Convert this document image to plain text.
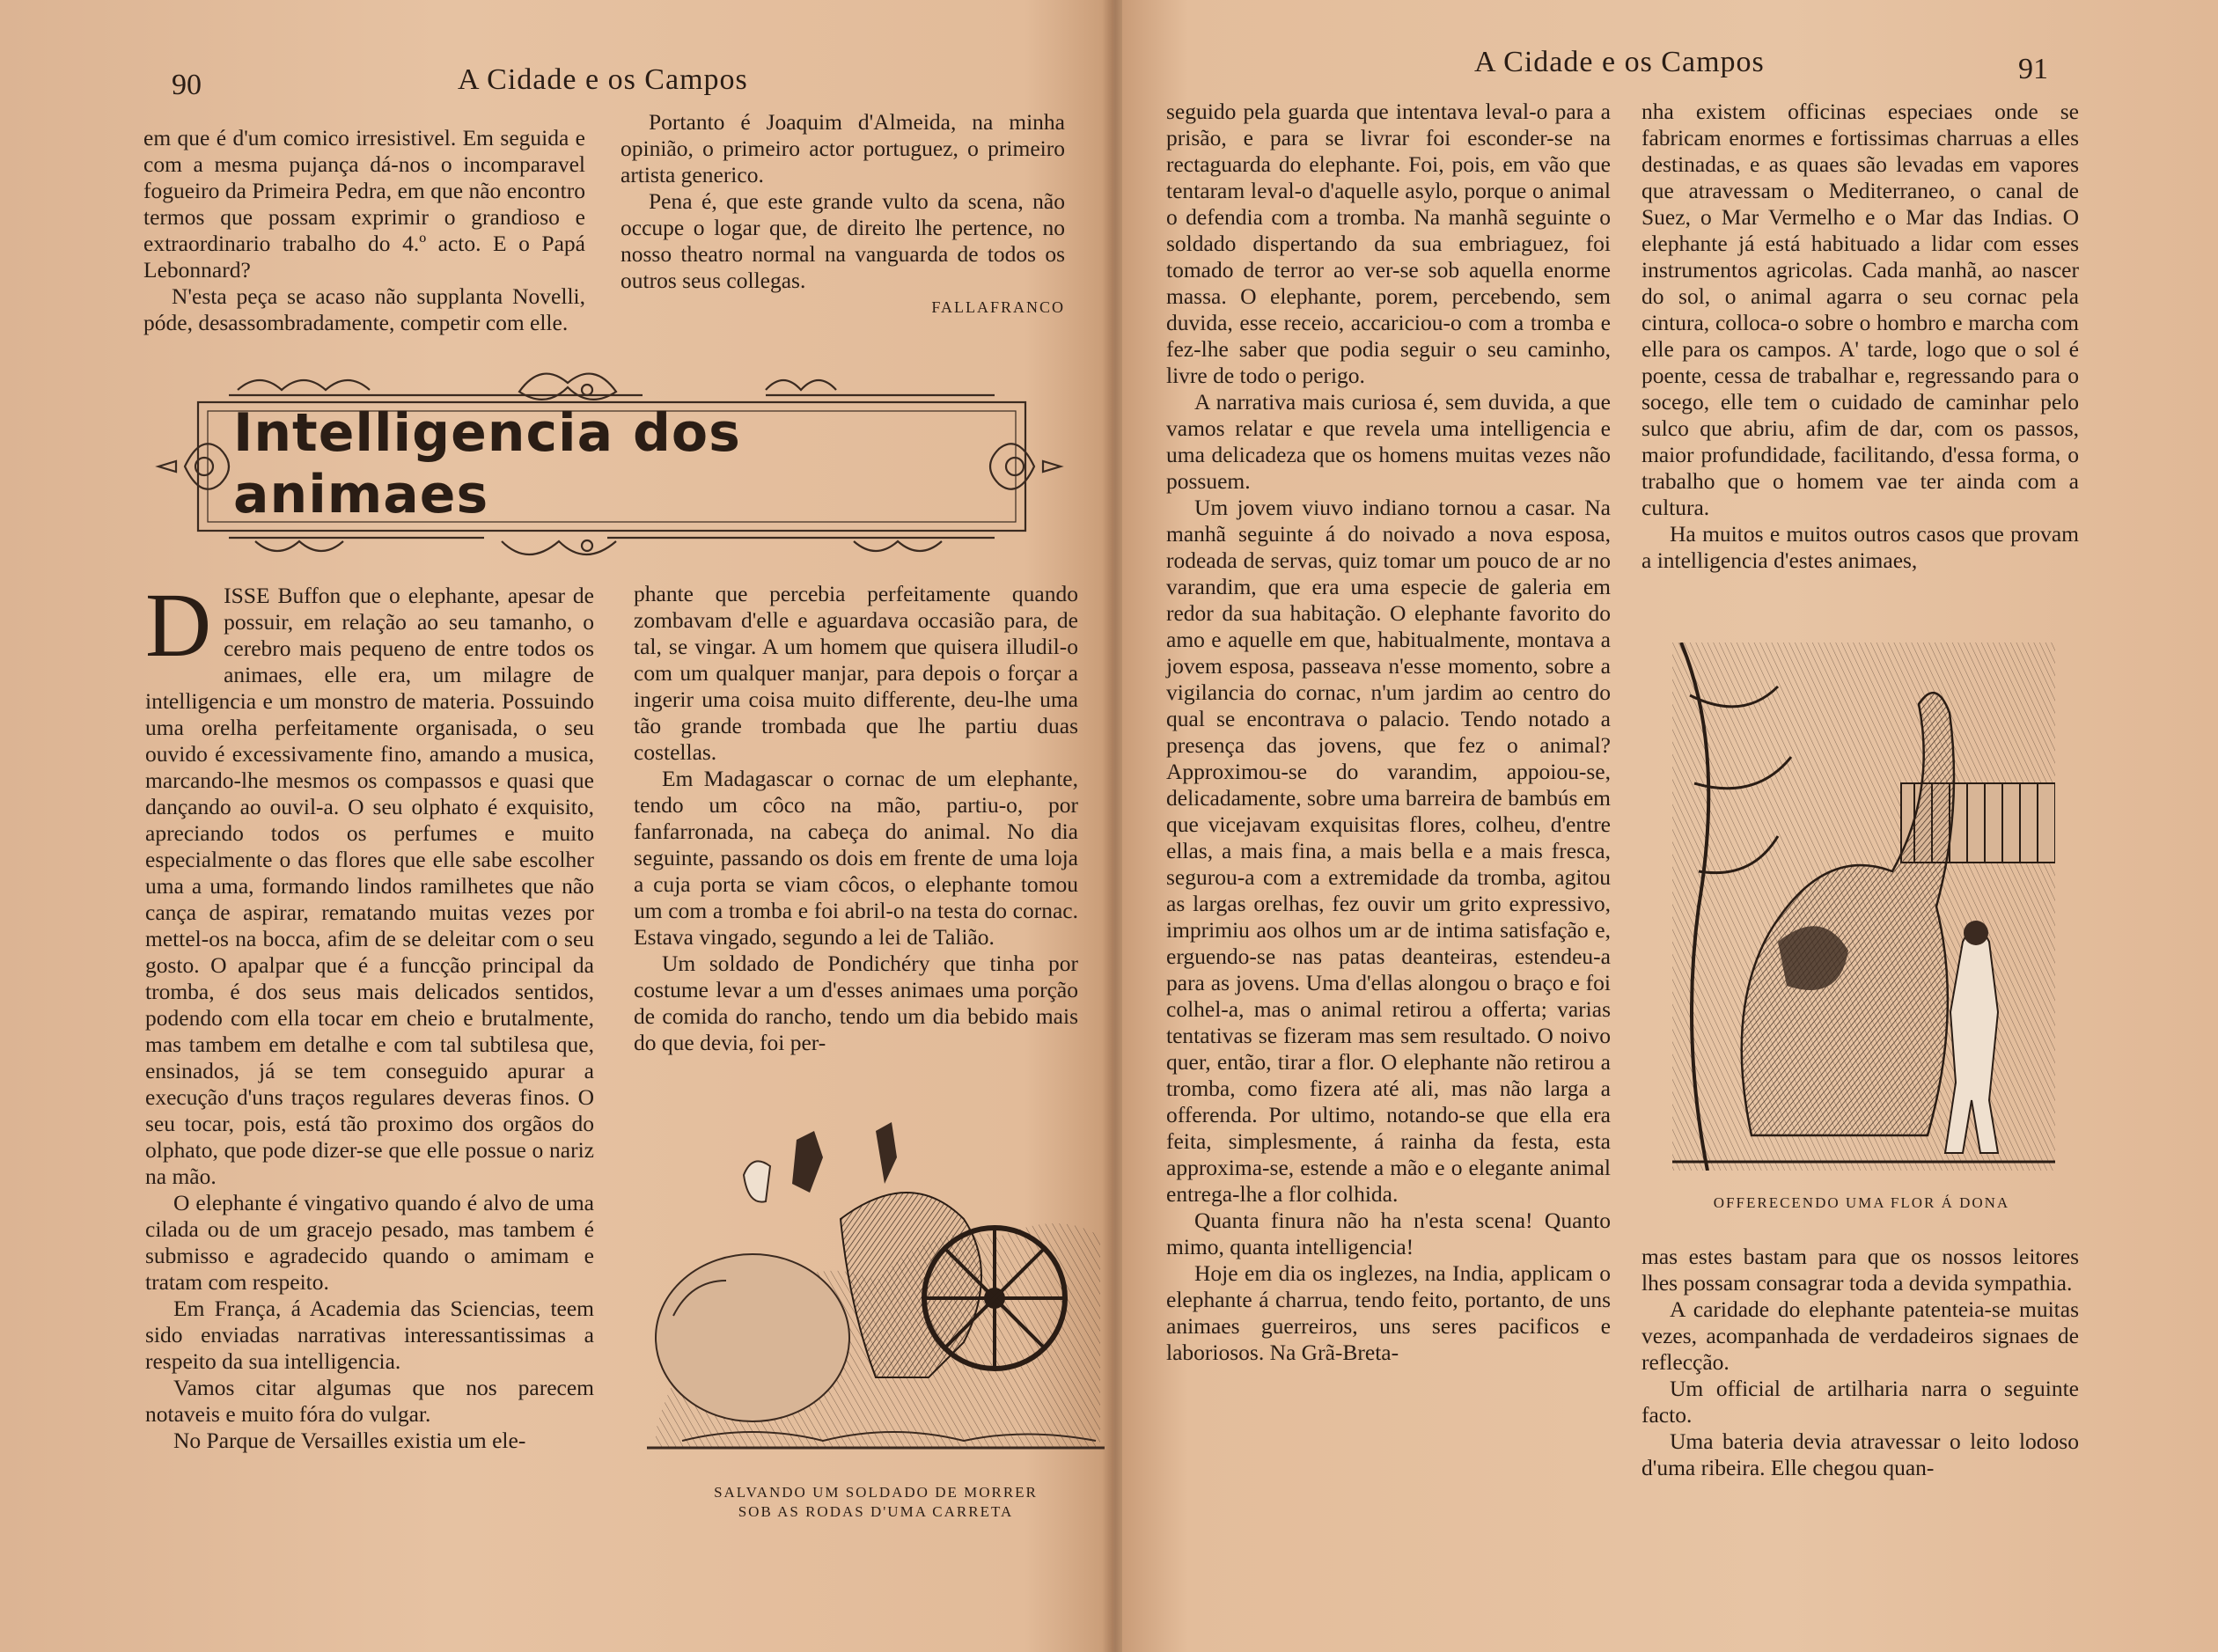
90	A Cidade e os Campos

em que é d'um comico irresistivel. Em seguida e com a mesma pujança dá-nos o incomparavel fogueiro da Primeira Pedra, em que não encontro termos que possam exprimir o grandioso e extraordinario trabalho do 4.º acto. E o Papá Lebonnard?

N'esta peça se acaso não supplanta Novelli, póde, desassombradamente, competir com elle.

Portanto é Joaquim d'Almeida, na minha opinião, o primeiro actor portuguez, o primeiro artista generico.

Pena é, que este grande vulto da scena, não occupe o logar que, de direito lhe pertence, no nosso theatro normal na vanguarda de todos os outros seus collegas.

FALLAFRANCO

Intelligencia dos animaes

D ISSE Buffon que o elephante, apesar de possuir, em relação ao seu tamanho, o cerebro mais pequeno de entre todos os animaes, elle era, um milagre de intelligencia e um monstro de materia. Possuindo uma orelha perfeitamente organisada, o seu ouvido é excessivamente fino, amando a musica, marcando-lhe mesmos os compassos e quasi que dançando ao ouvil-a. O seu olphato é exquisito, apreciando todos os perfumes e muito especialmente o das flores que elle sabe escolher uma a uma, formando lindos ramilhetes que não cança de aspirar, rematando muitas vezes por mettel-os na bocca, afim de se deleitar com o seu gosto. O apalpar que é a funcção principal da tromba, é dos seus mais delicados sentidos, podendo com ella tocar em cheio e brutalmente, mas tambem em detalhe e com tal subtilesa que, ensinados, já se tem conseguido apurar a execução d'uns traços regulares deveras finos. O seu tocar, pois, está tão proximo dos orgãos do olphato, que pode dizer-se que elle possue o nariz na mão.

O elephante é vingativo quando é alvo de uma cilada ou de um gracejo pesado, mas tambem é submisso e agradecido quando o amimam e tratam com respeito.

Em França, á Academia das Sciencias, teem sido enviadas narrativas interessantissimas a respeito da sua intelligencia.

Vamos citar algumas que nos parecem notaveis e muito fóra do vulgar.

No Parque de Versailles existia um ele-

phante que percebia perfeitamente quando zombavam d'elle e aguardava occasião para, de tal, se vingar. A um homem que quisera illudil-o com um qualquer manjar, para depois o forçar a ingerir uma coisa muito differente, deu-lhe uma tão grande trombada que lhe partiu duas costellas.

Em Madagascar o cornac de um elephante, tendo um côco na mão, partiu-o, por fanfarronada, na cabeça do animal. No dia seguinte, passando os dois em frente de uma loja a cuja porta se viam côcos, o elephante tomou um com a tromba e foi abril-o na testa do cornac. Estava vingado, segundo a lei de Talião.

Um soldado de Pondichéry que tinha por costume levar a um d'esses animaes uma porção de comida do rancho, tendo um dia bebido mais do que devia, foi per-

SALVANDO UM SOLDADO DE MORRER
SOB AS RODAS D'UMA CARRETA
A Cidade e os Campos	91

seguido pela guarda que intentava leval-o para a prisão, e para se livrar foi esconder-se na rectaguarda do elephante. Foi, pois, em vão que tentaram leval-o d'aquelle asylo, porque o animal o defendia com a tromba. Na manhã seguinte o soldado dispertando da sua embriaguez, foi tomado de terror ao ver-se sob aquella enorme massa. O elephante, porem, percebendo, sem duvida, esse receio, accariciou-o com a tromba e fez-lhe saber que podia seguir o seu caminho, livre de todo o perigo.

A narrativa mais curiosa é, sem duvida, a que vamos relatar e que revela uma intelligencia e uma delicadeza que os homens muitas vezes não possuem.

Um jovem viuvo indiano tornou a casar. Na manhã seguinte á do noivado a nova esposa, rodeada de servas, quiz tomar um pouco de ar no varandim, que era uma especie de galeria em redor da sua habitação. O elephante favorito do amo e aquelle em que, habitualmente, montava a jovem esposa, passeava n'esse momento, sobre a vigilancia do cornac, n'um jardim ao centro do qual se encontrava o palacio. Tendo notado a presença das jovens, que fez o animal? Approximou-se do varandim, appoiou-se, delicadamente, sobre uma barreira de bambús em que vicejavam exquisitas flores, colheu, d'entre ellas, a mais fina, a mais bella e a mais fresca, segurou-a com a extremidade da tromba, agitou as largas orelhas, fez ouvir um grito expressivo, imprimiu aos olhos um ar de intima satisfação e, erguendo-se nas patas deanteiras, estendeu-a para as jovens. Uma d'ellas alongou o braço e foi colhel-a, mas o animal retirou a offerta; varias tentativas se fizeram mas sem resultado. O noivo quer, então, tirar a flor. O elephante não retirou a tromba, como fizera até ali, mas não larga a offerenda. Por ultimo, notando-se que ella era feita, simplesmente, á rainha da festa, esta approxima-se, estende a mão e o elegante animal entrega-lhe a flor colhida.

Quanta finura não ha n'esta scena! Quanto mimo, quanta intelligencia!

Hoje em dia os inglezes, na India, applicam o elephante á charrua, tendo feito, portanto, de uns animaes guerreiros, uns seres pacificos e laboriosos. Na Grã-Breta-

nha existem officinas especiaes onde se fabricam enormes e fortissimas charruas a elles destinadas, e as quaes são levadas em vapores que atravessam o Mediterraneo, o canal de Suez, o Mar Vermelho e o Mar das Indias. O elephante já está habituado a lidar com esses instrumentos agricolas. Cada manhã, ao nascer do sol, o animal agarra o seu cornac pela cintura, colloca-o sobre o hombro e marcha com elle para os campos. A' tarde, logo que o sol é poente, cessa de trabalhar e, regressando para o socego, elle tem o cuidado de caminhar pelo sulco que abriu, afim de dar, com os passos, maior profundidade, facilitando, d'essa forma, o trabalho que o homem vae ter ainda com a cultura.

Ha muitos e muitos outros casos que provam a intelligencia d'estes animaes,

OFFERECENDO UMA FLOR Á DONA

mas estes bastam para que os nossos leitores lhes possam consagrar toda a devida sympathia.

A caridade do elephante patenteia-se muitas vezes, acompanhada de verdadeiros signaes de reflecção.

Um official de artilharia narra o seguinte facto.

Uma bateria devia atravessar o leito lodoso d'uma ribeira. Elle chegou quan-
